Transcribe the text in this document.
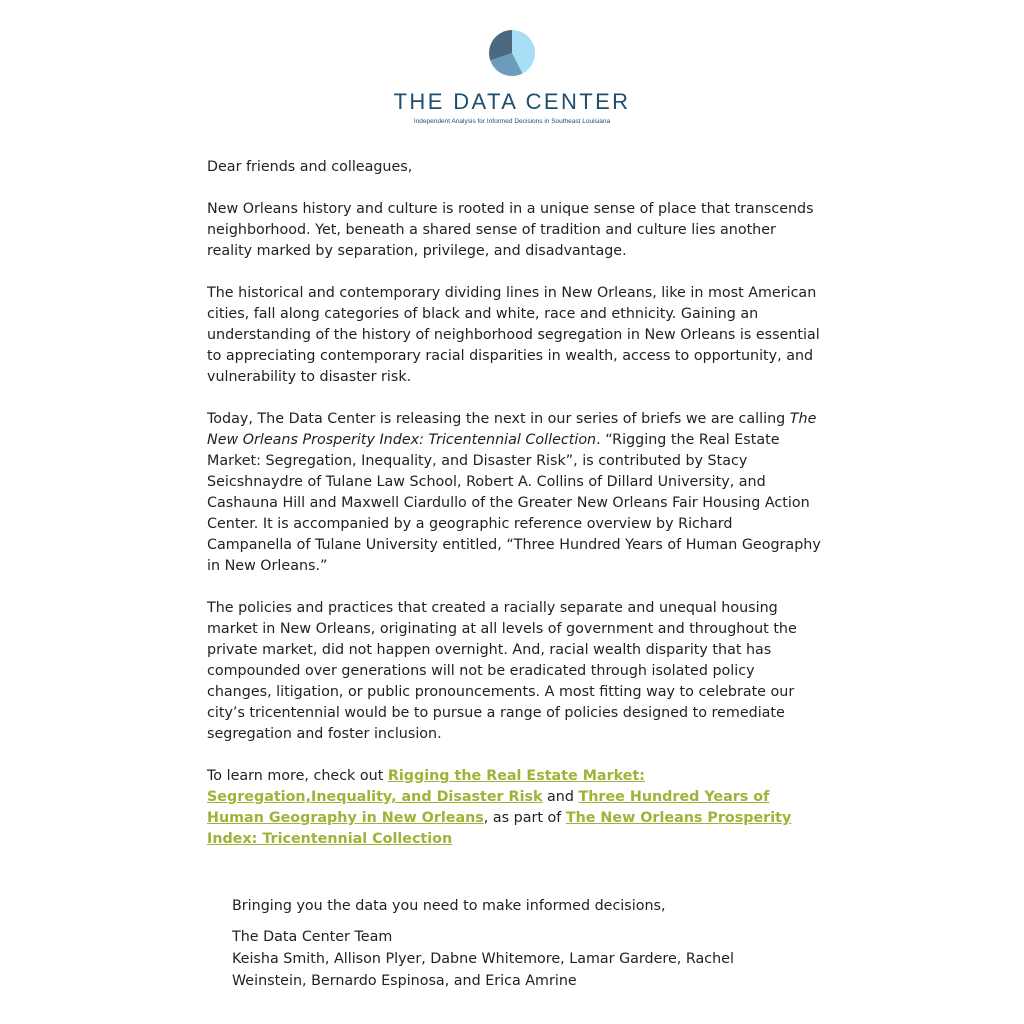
THE DATA CENTER
Independent Analysis for Informed Decisions in Southeast Louisiana

Dear friends and colleagues,

New Orleans history and culture is rooted in a unique sense of place that transcends neighborhood. Yet, beneath a shared sense of tradition and culture lies another reality marked by separation, privilege, and disadvantage.

The historical and contemporary dividing lines in New Orleans, like in most American cities, fall along categories of black and white, race and ethnicity. Gaining an understanding of the history of neighborhood segregation in New Orleans is essential to appreciating contemporary racial disparities in wealth, access to opportunity, and vulnerability to disaster risk.

Today, The Data Center is releasing the next in our series of briefs we are calling The New Orleans Prosperity Index: Tricentennial Collection. “Rigging the Real Estate Market: Segregation, Inequality, and Disaster Risk”, is contributed by Stacy Seicshnaydre of Tulane Law School, Robert A. Collins of Dillard University, and Cashauna Hill and Maxwell Ciardullo of the Greater New Orleans Fair Housing Action Center. It is accompanied by a geographic reference overview by Richard Campanella of Tulane University entitled, “Three Hundred Years of Human Geography in New Orleans.”

The policies and practices that created a racially separate and unequal housing market in New Orleans, originating at all levels of government and throughout the private market, did not happen overnight. And, racial wealth disparity that has compounded over generations will not be eradicated through isolated policy changes, litigation, or public pronouncements. A most fitting way to celebrate our city’s tricentennial would be to pursue a range of policies designed to remediate segregation and foster inclusion.

To learn more, check out Rigging the Real Estate Market: Segregation,Inequality, and Disaster Risk and Three Hundred Years of Human Geography in New Orleans, as part of The New Orleans Prosperity Index: Tricentennial Collection

Bringing you the data you need to make informed decisions,
The Data Center Team
Keisha Smith, Allison Plyer, Dabne Whitemore, Lamar Gardere, Rachel Weinstein, Bernardo Espinosa, and Erica Amrine
